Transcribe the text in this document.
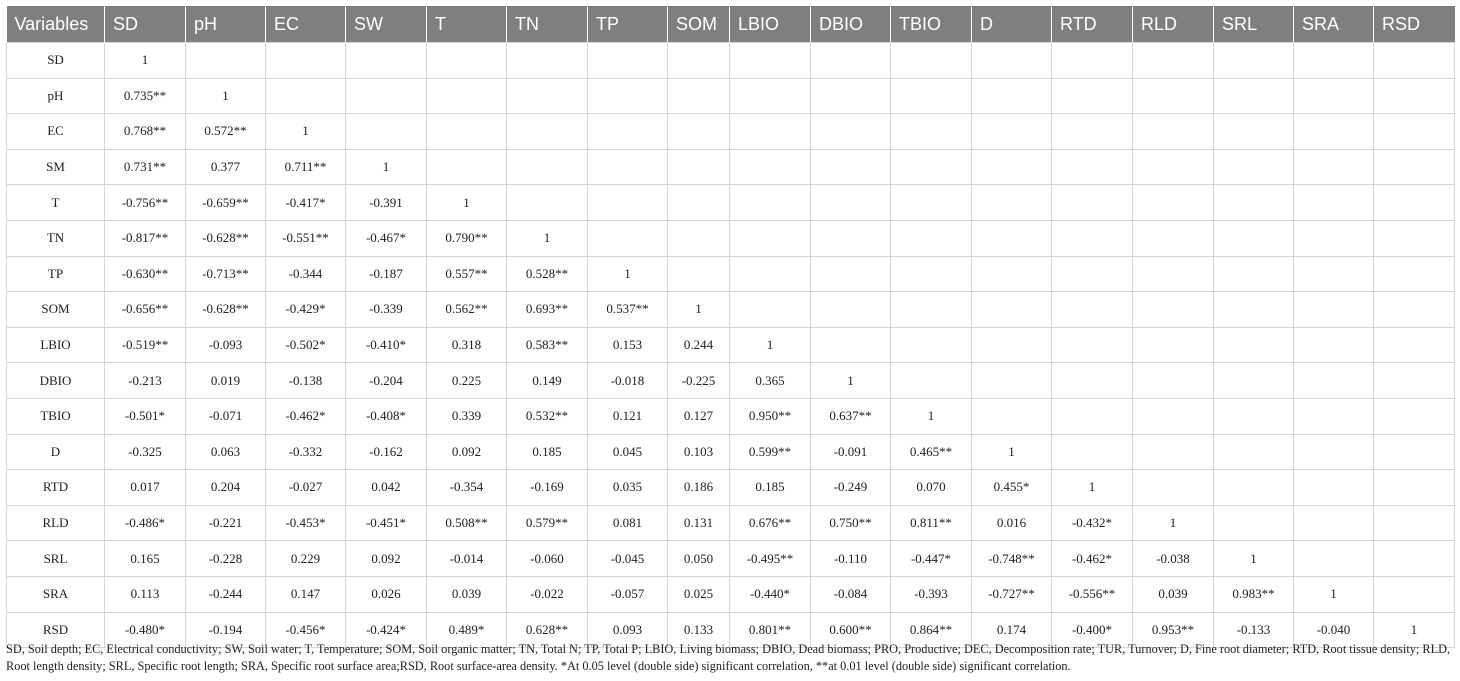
Variables	SD	pH	EC	SW	T	TN	TP	SOM	LBIO	DBIO	TBIO	D	RTD	RLD	SRL	SRA	RSD
SD	1																
pH	0.735**	1															
EC	0.768**	0.572**	1														
SM	0.731**	0.377	0.711**	1													
T	-0.756**	-0.659**	-0.417*	-0.391	1												
TN	-0.817**	-0.628**	-0.551**	-0.467*	0.790**	1											
TP	-0.630**	-0.713**	-0.344	-0.187	0.557**	0.528**	1										
SOM	-0.656**	-0.628**	-0.429*	-0.339	0.562**	0.693**	0.537**	1									
LBIO	-0.519**	-0.093	-0.502*	-0.410*	0.318	0.583**	0.153	0.244	1								
DBIO	-0.213	0.019	-0.138	-0.204	0.225	0.149	-0.018	-0.225	0.365	1							
TBIO	-0.501*	-0.071	-0.462*	-0.408*	0.339	0.532**	0.121	0.127	0.950**	0.637**	1						
D	-0.325	0.063	-0.332	-0.162	0.092	0.185	0.045	0.103	0.599**	-0.091	0.465**	1					
RTD	0.017	0.204	-0.027	0.042	-0.354	-0.169	0.035	0.186	0.185	-0.249	0.070	0.455*	1				
RLD	-0.486*	-0.221	-0.453*	-0.451*	0.508**	0.579**	0.081	0.131	0.676**	0.750**	0.811**	0.016	-0.432*	1			
SRL	0.165	-0.228	0.229	0.092	-0.014	-0.060	-0.045	0.050	-0.495**	-0.110	-0.447*	-0.748**	-0.462*	-0.038	1		
SRA	0.113	-0.244	0.147	0.026	0.039	-0.022	-0.057	0.025	-0.440*	-0.084	-0.393	-0.727**	-0.556**	0.039	0.983**	1	
RSD	-0.480*	-0.194	-0.456*	-0.424*	0.489*	0.628**	0.093	0.133	0.801**	0.600**	0.864**	0.174	-0.400*	0.953**	-0.133	-0.040	1

SD, Soil depth; EC, Electrical conductivity; SW, Soil water; T, Temperature; SOM, Soil organic matter; TN, Total N; TP, Total P; LBIO, Living biomass; DBIO, Dead biomass; PRO, Productive; DEC, Decomposition rate; TUR, Turnover; D, Fine root diameter; RTD, Root tissue density; RLD, Root length density; SRL, Specific root length; SRA, Specific root surface area;RSD, Root surface-area density. *At 0.05 level (double side) significant correlation, **at 0.01 level (double side) significant correlation.
